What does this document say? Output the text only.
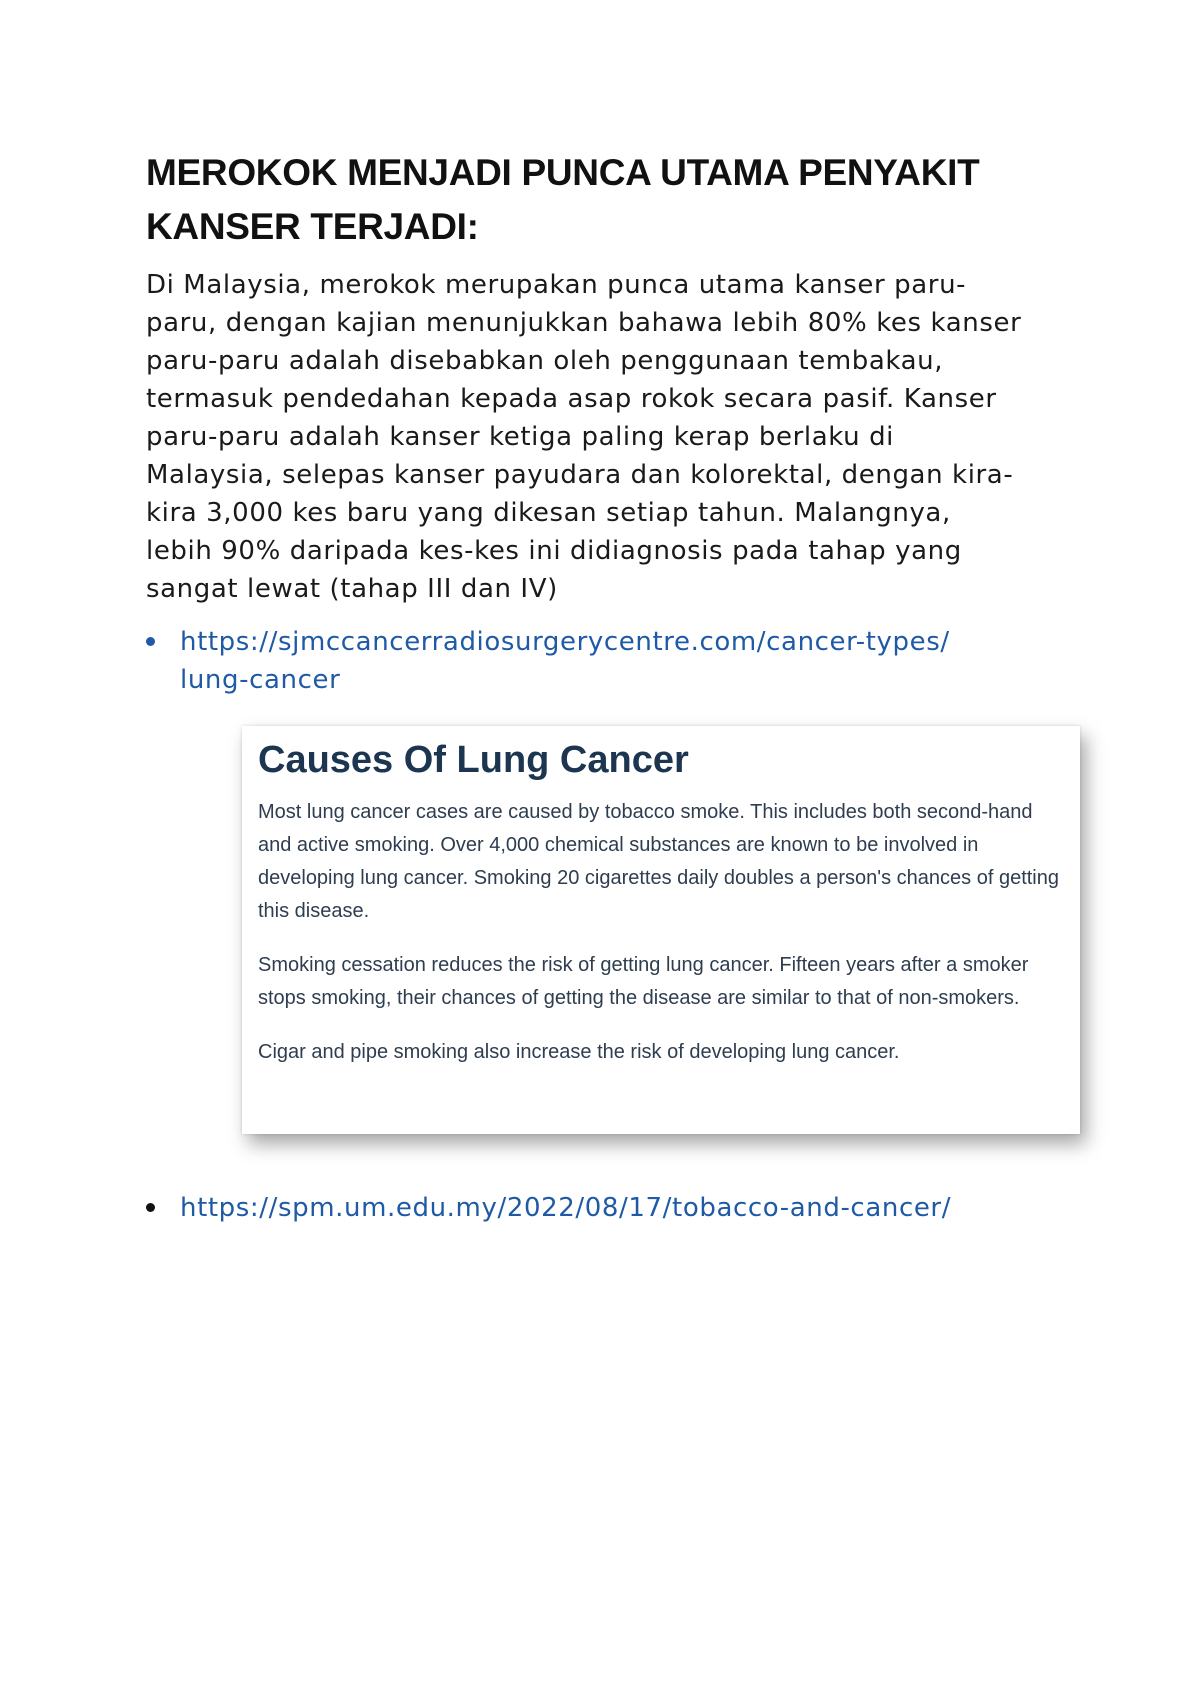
MEROKOK MENJADI PUNCA UTAMA PENYAKIT KANSER TERJADI:

Di Malaysia, merokok merupakan punca utama kanser paru-paru, dengan kajian menunjukkan bahawa lebih 80% kes kanser paru-paru adalah disebabkan oleh penggunaan tembakau, termasuk pendedahan kepada asap rokok secara pasif. Kanser paru-paru adalah kanser ketiga paling kerap berlaku di Malaysia, selepas kanser payudara dan kolorektal, dengan kira-kira 3,000 kes baru yang dikesan setiap tahun. Malangnya, lebih 90% daripada kes-kes ini didiagnosis pada tahap yang sangat lewat (tahap III dan IV)

https://sjmccancerradiosurgerycentre.com/cancer-types/
lung-cancer
https://spm.um.edu.my/2022/08/17/tobacco-and-cancer/
Causes Of Lung Cancer

Most lung cancer cases are caused by tobacco smoke. This includes both second-hand and active smoking. Over 4,000 chemical substances are known to be involved in developing lung cancer. Smoking 20 cigarettes daily doubles a person's chances of getting this disease.

Smoking cessation reduces the risk of getting lung cancer. Fifteen years after a smoker stops smoking, their chances of getting the disease are similar to that of non-smokers.

Cigar and pipe smoking also increase the risk of developing lung cancer.
